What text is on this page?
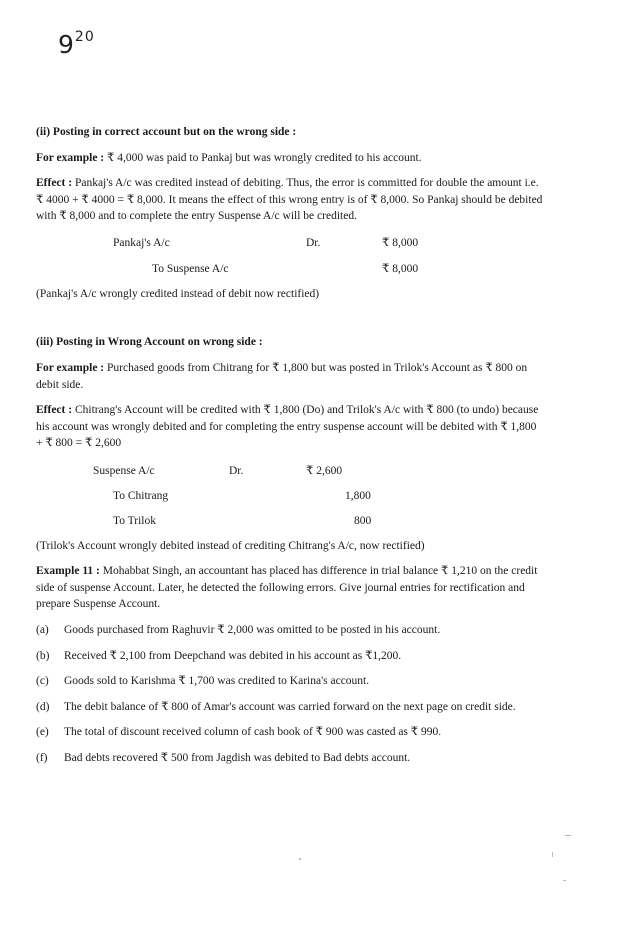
$9^{20}$
(ii) Posting in correct account but on the wrong side :
For example : ₹ 4,000 was paid to Pankaj but was wrongly credited to his account.
Effect : Pankaj's A/c was credited instead of debiting. Thus, the error is committed for double the amount i.e.
₹ 4000 + ₹ 4000 = ₹ 8,000. It means the effect of this wrong entry is of ₹ 8,000. So Pankaj should be debited
with ₹ 8,000 and to complete the entry Suspense A/c will be credited.
Pankaj's A/c	Dr.	₹ 8,000
To Suspense A/c	₹ 8,000
(Pankaj's A/c wrongly credited instead of debit now rectified)
(iii) Posting in Wrong Account on wrong side :
For example : Purchased goods from Chitrang for ₹ 1,800 but was posted in Trilok's Account as ₹ 800 on
debit side.
Effect : Chitrang's Account will be credited with ₹ 1,800 (Do) and Trilok's A/c with ₹ 800 (to undo) because
his account was wrongly debited and for completing the entry suspense account will be debited with ₹ 1,800
+ ₹ 800 = ₹ 2,600
Suspense A/c	Dr.	₹ 2,600
To Chitrang	1,800
To Trilok	800
(Trilok's Account wrongly debited instead of crediting Chitrang's A/c, now rectified)
Example 11 : Mohabbat Singh, an accountant has placed has difference in trial balance ₹ 1,210 on the credit
side of suspense Account. Later, he detected the following errors. Give journal entries for rectification and
prepare Suspense Account.
(a) Goods purchased from Raghuvir ₹ 2,000 was omitted to be posted in his account.
(b) Received ₹ 2,100 from Deepchand was debited in his account as ₹1,200.
(c) Goods sold to Karishma ₹ 1,700 was credited to Karina's account.
(d) The debit balance of ₹ 800 of Amar's account was carried forward on the next page on credit side.
(e) The total of discount received column of cash book of ₹ 900 was casted as ₹ 990.
(f) Bad debts recovered ₹ 500 from Jagdish was debited to Bad debts account.
